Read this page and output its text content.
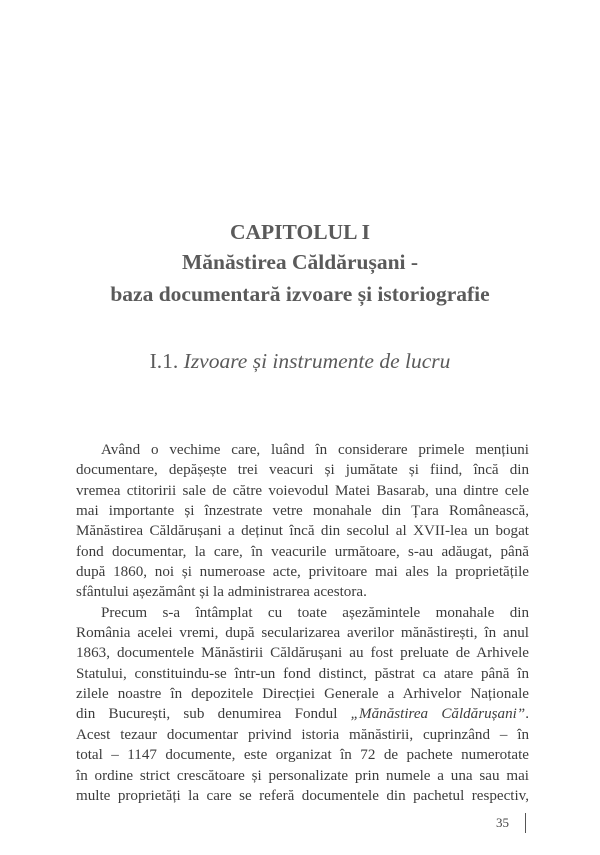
CAPITOLUL I

Mănăstirea Căldărușani -

baza documentară izvoare și istoriografie

I.1. Izvoare și instrumente de lucru

Având o vechime care, luând în considerare primele mențiuni
documentare, depășește trei veacuri și jumătate și fiind, încă din
vremea ctitoririi sale de către voievodul Matei Basarab, una dintre cele
mai importante și înzestrate vetre monahale din Țara Românească,
Mănăstirea Căldărușani a deținut încă din secolul al XVII-lea un bogat
fond documentar, la care, în veacurile următoare, s-au adăugat, până
după 1860, noi și numeroase acte, privitoare mai ales la proprietățile
sfântului așezământ și la administrarea acestora.

Precum s-a întâmplat cu toate așezămintele monahale din
România acelei vremi, după secularizarea averilor mănăstirești, în anul
1863, documentele Mănăstirii Căldărușani au fost preluate de Arhivele
Statului, constituindu-se într-un fond distinct, păstrat ca atare până în
zilele noastre în depozitele Direcției Generale a Arhivelor Naționale
din București, sub denumirea Fondul „Mănăstirea Căldărușani”.
Acest tezaur documentar privind istoria mănăstirii, cuprinzând – în
total – 1147 documente, este organizat în 72 de pachete numerotate
în ordine strict crescătoare și personalizate prin numele a una sau mai
multe proprietăți la care se referă documentele din pachetul respectiv,

35
